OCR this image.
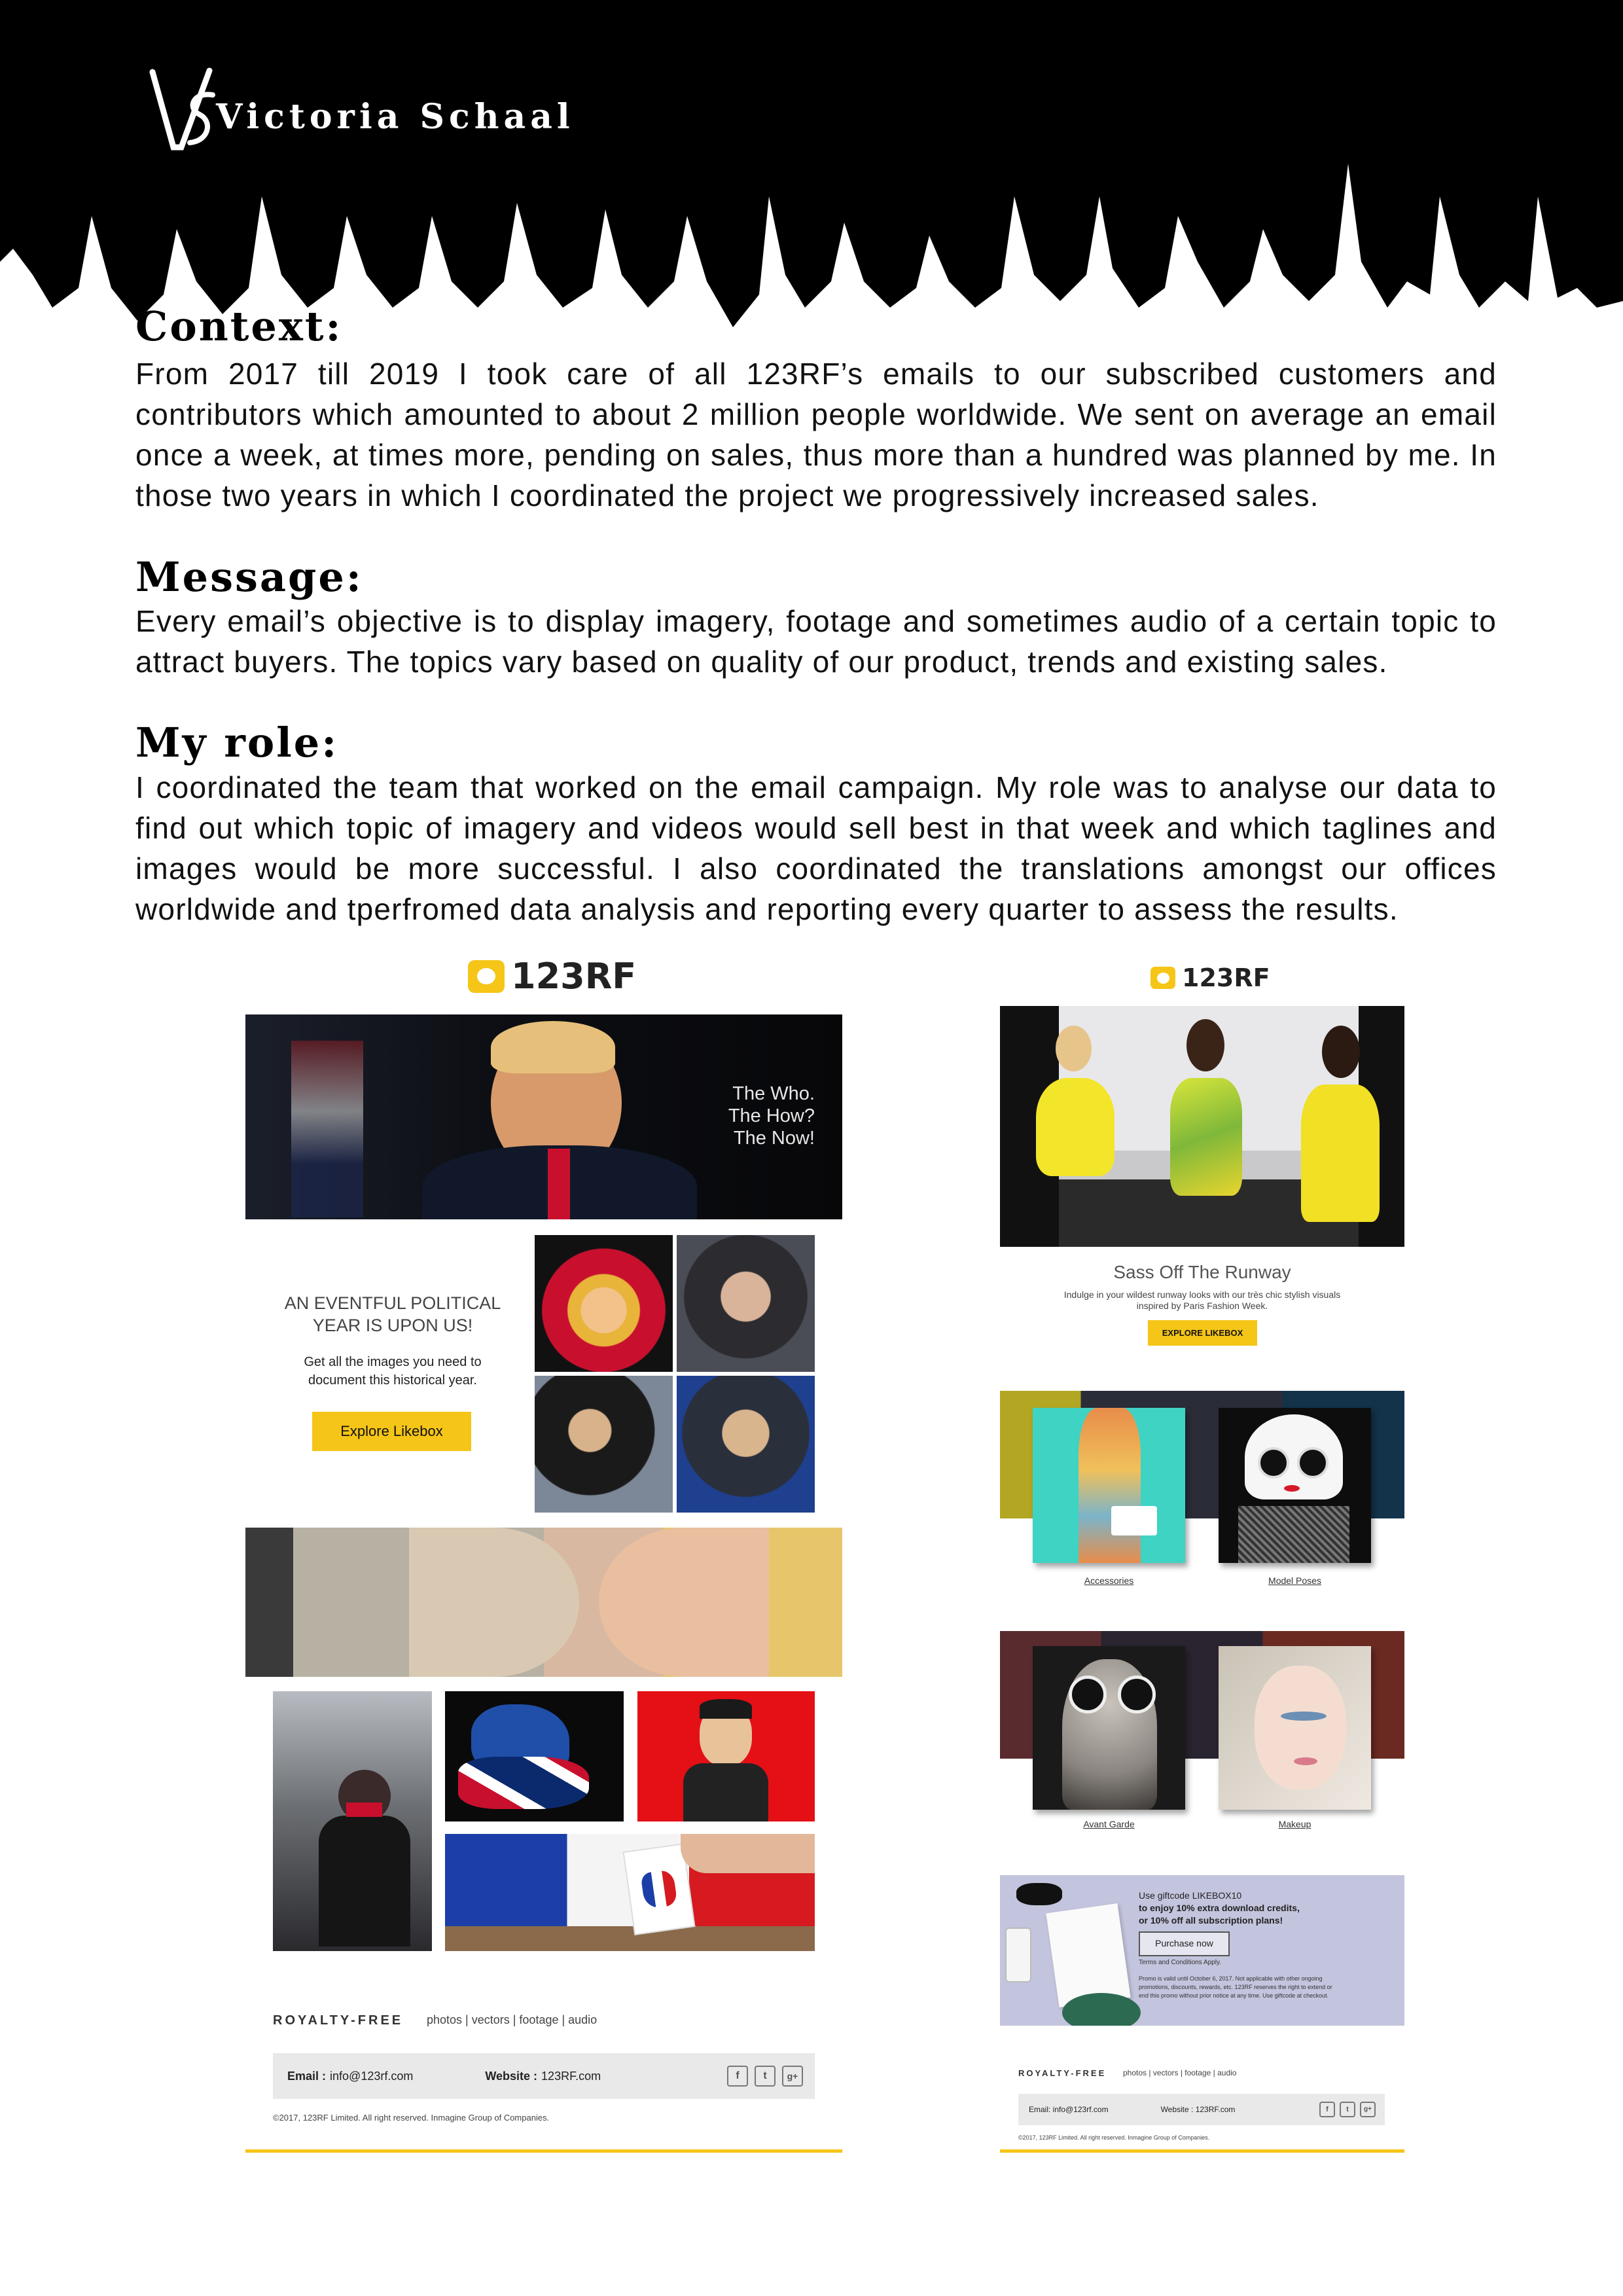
Victoria Schaal
Context:
From 2017 till 2019 I took care of all 123RF’s emails to our subscribed customers and contributors which amounted to about 2 million people worldwide. We sent on average an email once a week, at times more, pending on sales, thus more than a hundred was planned by me. In those two years in which I coordinated the project we progressively increased sales.
Message:
Every email’s objective is to display imagery, footage and sometimes audio of a certain topic to attract buyers. The topics vary based on quality of our product, trends and existing sales.
My role:
I coordinated the team that worked on the email campaign. My role was to analyse our data to find out which topic of imagery and videos would sell best in that week and which taglines and images would be more successful. I also coordinated the translations amongst our offices worldwide and tperfromed data analysis and reporting every quarter to assess the results.
123RF
The Who.
The How?
The Now!
AN EVENTFUL POLITICAL
YEAR IS UPON US!
Get all the images you need to
document this historical year.
Explore Likebox
ROYALTY-FREE photos | vectors | footage | audio
Email : info@123rf.com	Website : 123RF.com	f	t	g+
©2017, 123RF Limited. All right reserved. Inmagine Group of Companies.
123RF
Sass Off The Runway
Indulge in your wildest runway looks with our très chic stylish visuals
inspired by Paris Fashion Week.
EXPLORE LIKEBOX
Accessories	Model Poses
Avant Garde	Makeup
Use giftcode LIKEBOX10
to enjoy 10% extra download credits,
or 10% off all subscription plans!
Purchase now
Terms and Conditions Apply.
Promo is valid until October 6, 2017. Not applicable with other ongoing
promotions, discounts, rewards, etc. 123RF reserves the right to extend or
end this promo without prior notice at any time. Use giftcode at checkout.
ROYALTY-FREE photos | vectors | footage | audio
Email: info@123rf.com	Website : 123RF.com	f	t	g+
©2017, 123RF Limited. All right reserved. Inmagine Group of Companies.
